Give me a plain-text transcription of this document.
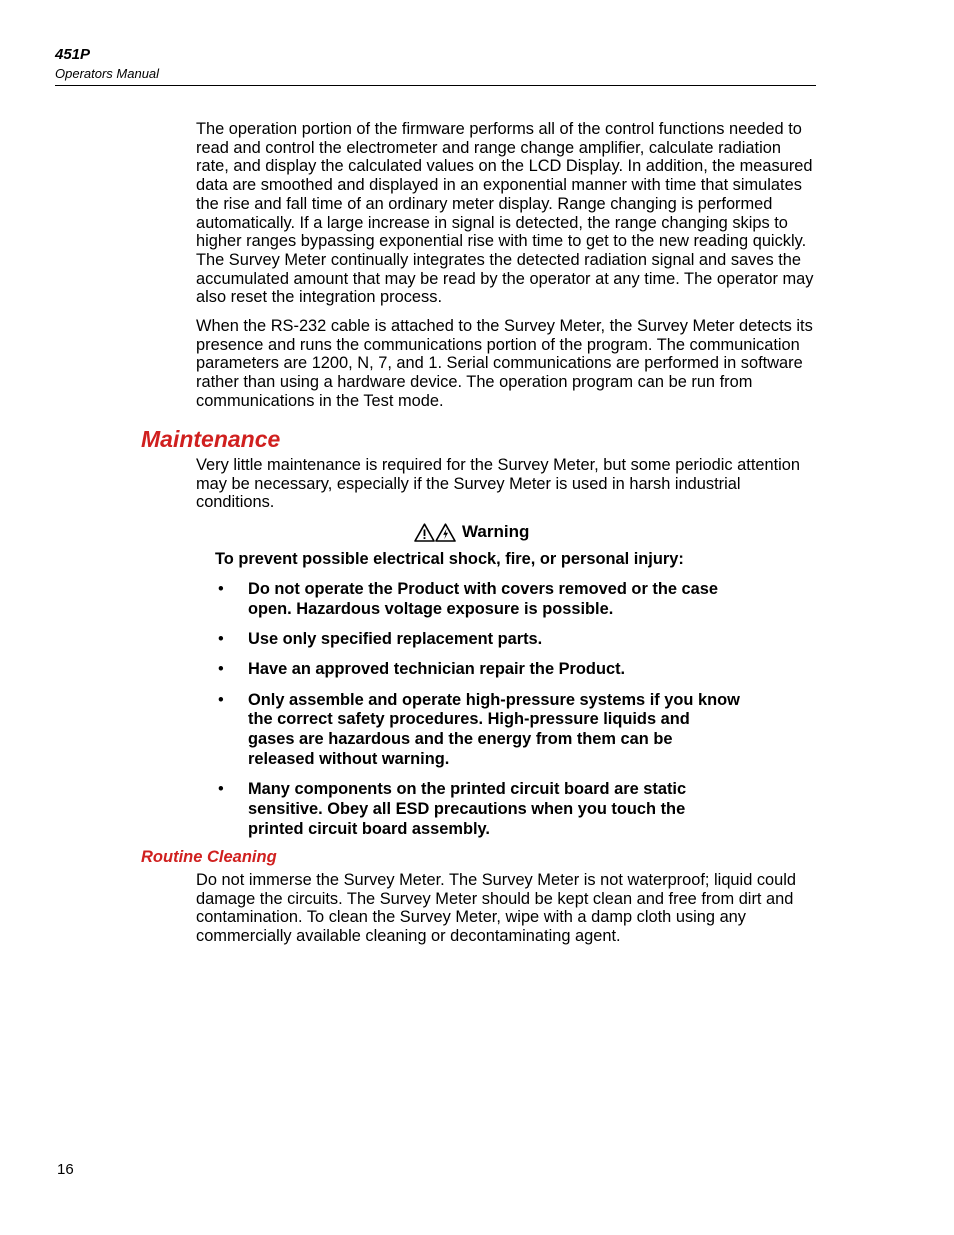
451P
Operators Manual

The operation portion of the firmware performs all of the control functions needed to read and control the electrometer and range change amplifier, calculate radiation rate, and display the calculated values on the LCD Display. In addition, the measured data are smoothed and displayed in an exponential manner with time that simulates the rise and fall time of an ordinary meter display. Range changing is performed automatically. If a large increase in signal is detected, the range changing skips to higher ranges bypassing exponential rise with time to get to the new reading quickly. The Survey Meter continually integrates the detected radiation signal and saves the accumulated amount that may be read by the operator at any time. The operator may also reset the integration process.

When the RS-232 cable is attached to the Survey Meter, the Survey Meter detects its presence and runs the communications portion of the program. The communication parameters are 1200, N, 7, and 1. Serial communications are performed in software rather than using a hardware device. The operation program can be run from communications in the Test mode.

Maintenance

Very little maintenance is required for the Survey Meter, but some periodic attention may be necessary, especially if the Survey Meter is used in harsh industrial conditions.

Warning

To prevent possible electrical shock, fire, or personal injury:

•	Do not operate the Product with covers removed or the case open. Hazardous voltage exposure is possible.
•	Use only specified replacement parts.
•	Have an approved technician repair the Product.
•	Only assemble and operate high-pressure systems if you know the correct safety procedures. High-pressure liquids and gases are hazardous and the energy from them can be released without warning.
•	Many components on the printed circuit board are static sensitive. Obey all ESD precautions when you touch the printed circuit board assembly.
Routine Cleaning

Do not immerse the Survey Meter. The Survey Meter is not waterproof; liquid could damage the circuits. The Survey Meter should be kept clean and free from dirt and contamination. To clean the Survey Meter, wipe with a damp cloth using any commercially available cleaning or decontaminating agent.

16
